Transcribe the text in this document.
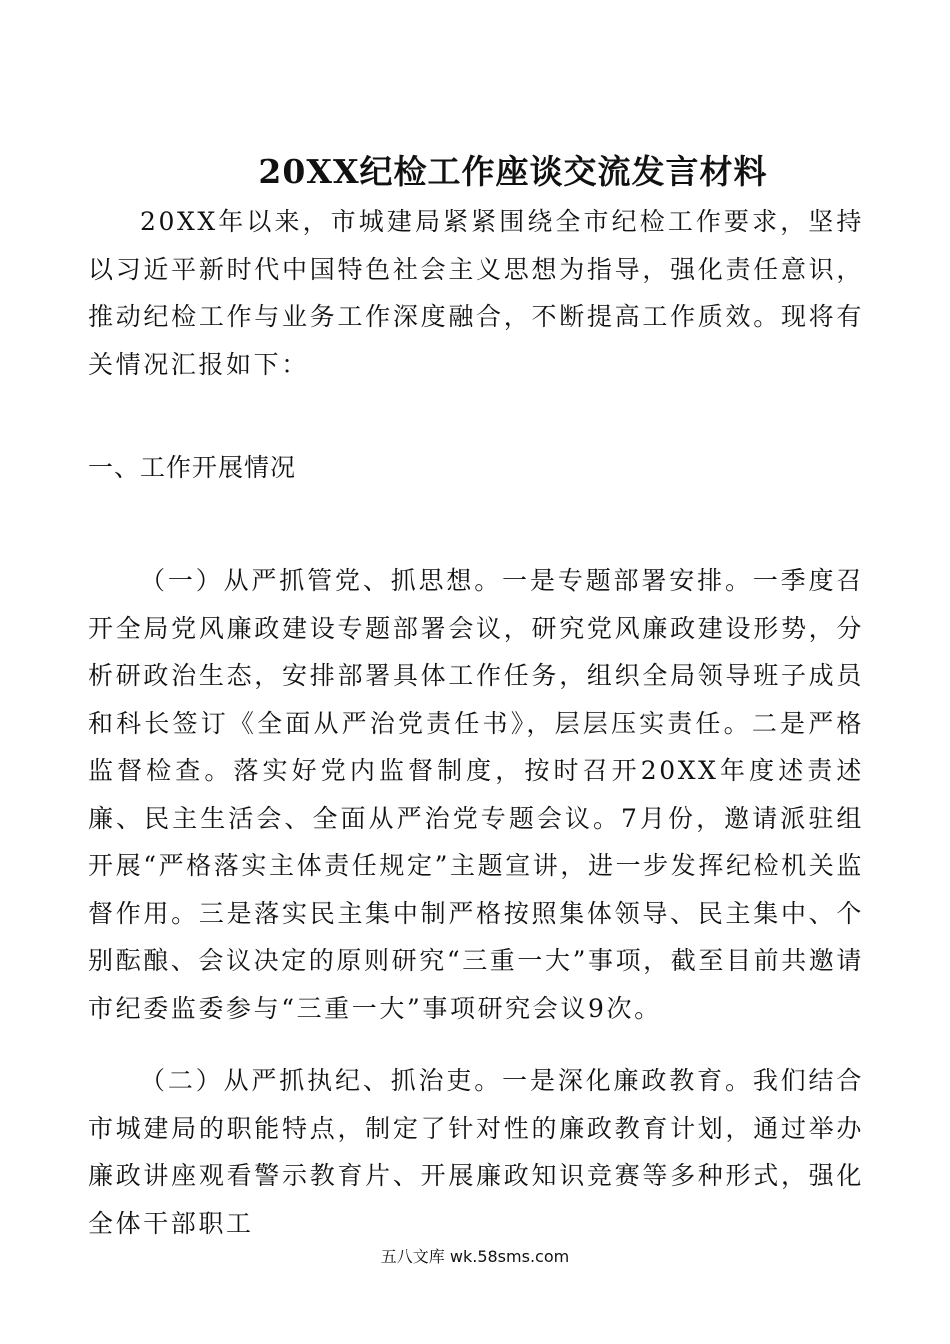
20XX纪检工作座谈交流发言材料

20XX年以来，市城建局紧紧围绕全市纪检工作要求，坚持以习近平新时代中国特色社会主义思想为指导，强化责任意识，推动纪检工作与业务工作深度融合，不断提高工作质效。现将有关情况汇报如下：

一、工作开展情况

（一）从严抓管党、抓思想。一是专题部署安排。一季度召开全局党风廉政建设专题部署会议，研究党风廉政建设形势，分析研政治生态，安排部署具体工作任务，组织全局领导班子成员和科长签订《全面从严治党责任书》，层层压实责任。二是严格监督检查。落实好党内监督制度，按时召开20XX年度述责述廉、民主生活会、全面从严治党专题会议。7月份，邀请派驻组开展“严格落实主体责任规定”主题宣讲，进一步发挥纪检机关监督作用。三是落实民主集中制严格按照集体领导、民主集中、个别酝酿、会议决定的原则研究“三重一大”事项，截至目前共邀请市纪委监委参与“三重一大”事项研究会议9次。

（二）从严抓执纪、抓治吏。一是深化廉政教育。我们结合市城建局的职能特点，制定了针对性的廉政教育计划，通过举办廉政讲座观看警示教育片、开展廉政知识竞赛等多种形式，强化全体干部职工

五八文库 wk.58sms.com
